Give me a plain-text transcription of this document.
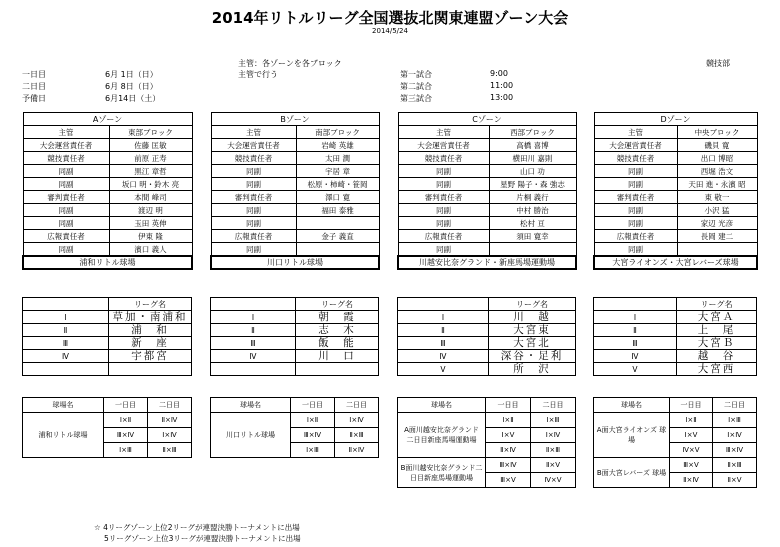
2014年リトルリーグ全国選抜北関東連盟ゾーン大会
2014/5/24
主管：各ゾーンを各ブロック
主管で行う
競技部
一日目	6月 1日（日）
二日目	6月 8日（日）
予備日	6月14日（土）
第一試合	9:00
第二試合	11:00
第三試合	13:00
Aゾーン	
主管	東部ブロック
大会運営責任者	佐藤 匡敏
競技責任者	前原 正寿
同副	黒江 章哲
同副	坂口 明・鈴木 亮
審判責任者	本間 峰司
同副	渡辺 明
同副	玉田 英伸
広報責任者	伊東 隆
同副	濱口 義人
浦和リトル球場	
	リーグ名
Ⅰ	草加・南浦和
Ⅱ	浦　和
Ⅲ	新　座
Ⅳ	宇都宮

球場名	一日目	二日目
浦和リトル球場	Ⅰ×Ⅱ	Ⅱ×Ⅳ
	Ⅲ×Ⅳ	Ⅰ×Ⅳ
	Ⅰ×Ⅲ	Ⅱ×Ⅲ
Bゾーン	
主管	南部ブロック
大会運営責任者	岩崎 英雄
競技責任者	太田 潤
同副	宇居 章
同副	松原・柿崎・笹岡
審判責任者	澤口 寛
同副	福田 泰雅
同副	
広報責任者	金子 義直
同副	
川口リトル球場	
	リーグ名
Ⅰ	朝　霞
Ⅱ	志　木
Ⅲ	飯　能
Ⅳ	川　口

球場名	一日目	二日目
川口リトル球場	Ⅰ×Ⅱ	Ⅰ×Ⅳ
	Ⅲ×Ⅳ	Ⅱ×Ⅲ
	Ⅰ×Ⅲ	Ⅱ×Ⅳ
Cゾーン	
主管	西部ブロック
大会運営責任者	高橋 喜博
競技責任者	横田川 嘉則
同副	山口 功
同副	星野 陽子・森 強志
審判責任者	片桐 義行
同副	中村 勝治
同副	松村 亘
広報責任者	須田 寛幸
同副	
川越安比奈グランド・新座馬場運動場	
	リーグ名
Ⅰ	川　越
Ⅱ	大宮東
Ⅲ	大宮北
Ⅳ	深谷・足利
Ⅴ	所　沢
球場名	一日目	二日目
A面川越安比奈グランド 二日目新座馬場運動場	Ⅰ×Ⅱ	Ⅰ×Ⅲ
	Ⅰ×Ⅴ	Ⅰ×Ⅳ
	Ⅱ×Ⅳ	Ⅱ×Ⅲ
B面川越安比奈グランド二日目新座馬場運動場	Ⅲ×Ⅳ	Ⅱ×Ⅴ
	Ⅲ×Ⅴ	Ⅳ×Ⅴ
Dゾーン	
主管	中央ブロック
大会運営責任者	磯貝 寛
競技責任者	出口 博昭
同副	西堀 浩文
同副	天田 進・永濱 昭
審判責任者	東 敬一
同副	小沢 猛
同副	家辺 光彦
広報責任者	長岡 建二
同副	
大宮ライオンズ・大宮レバーズ球場	
	リーグ名
Ⅰ	大宮Ａ
Ⅱ	上　尾
Ⅲ	大宮Ｂ
Ⅳ	越　谷
Ⅴ	大宮西
球場名	一日目	二日目
A面大宮ライオンズ 球場	Ⅰ×Ⅱ	Ⅰ×Ⅲ
	Ⅰ×Ⅴ	Ⅰ×Ⅳ
	Ⅳ×Ⅴ	Ⅲ×Ⅳ
B面大宮レバーズ 球場	Ⅲ×Ⅴ	Ⅱ×Ⅲ
	Ⅱ×Ⅳ	Ⅱ×Ⅴ
☆ 4リーグゾーン上位2リーグが連盟決勝トーナメントに出場
5リーグゾーン上位3リーグが連盟決勝トーナメントに出場
